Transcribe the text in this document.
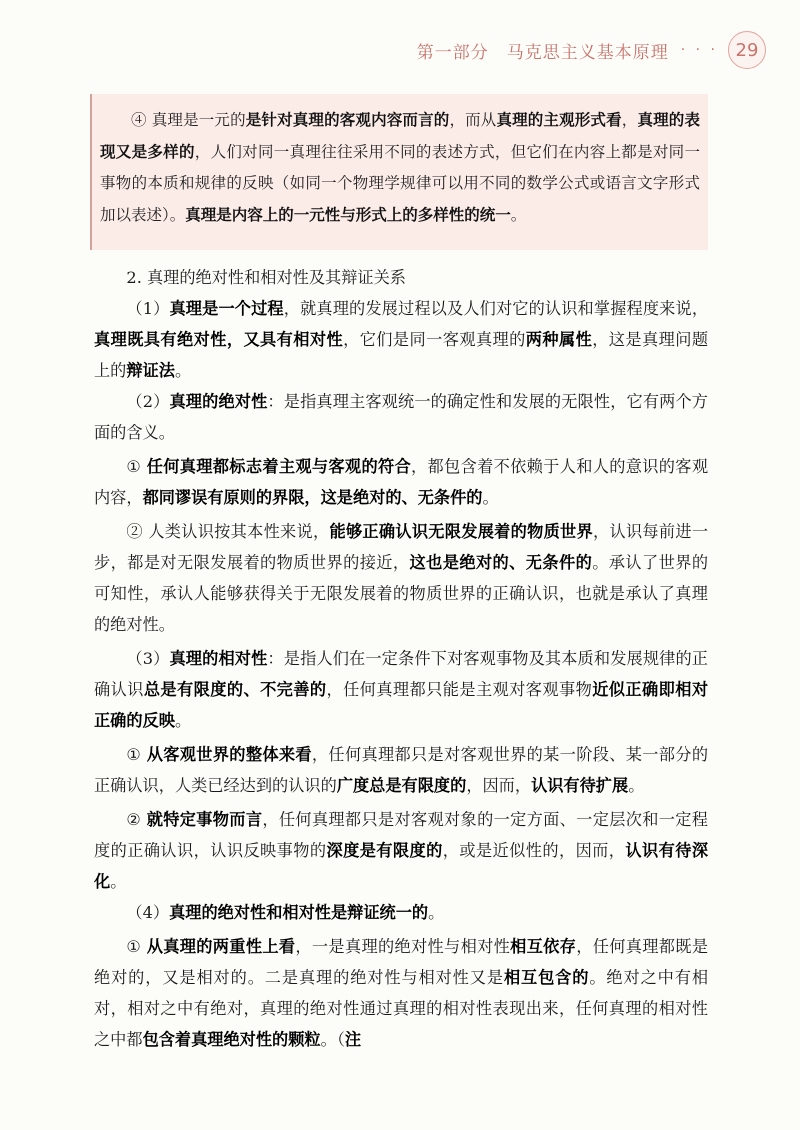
第一部分　马克思主义基本原理 · · · 29

④ 真理是一元的是针对真理的客观内容而言的，而从真理的主观形式看，真理的表现又是多样的，人们对同一真理往往采用不同的表述方式，但它们在内容上都是对同一事物的本质和规律的反映（如同一个物理学规律可以用不同的数学公式或语言文字形式加以表述）。真理是内容上的一元性与形式上的多样性的统一。

2. 真理的绝对性和相对性及其辩证关系

（1）真理是一个过程，就真理的发展过程以及人们对它的认识和掌握程度来说，真理既具有绝对性，又具有相对性，它们是同一客观真理的两种属性，这是真理问题上的辩证法。

（2）真理的绝对性：是指真理主客观统一的确定性和发展的无限性，它有两个方面的含义。

① 任何真理都标志着主观与客观的符合，都包含着不依赖于人和人的意识的客观内容，都同谬误有原则的界限，这是绝对的、无条件的。

② 人类认识按其本性来说，能够正确认识无限发展着的物质世界，认识每前进一步，都是对无限发展着的物质世界的接近，这也是绝对的、无条件的。承认了世界的可知性，承认人能够获得关于无限发展着的物质世界的正确认识，也就是承认了真理的绝对性。

（3）真理的相对性：是指人们在一定条件下对客观事物及其本质和发展规律的正确认识总是有限度的、不完善的，任何真理都只能是主观对客观事物近似正确即相对正确的反映。

① 从客观世界的整体来看，任何真理都只是对客观世界的某一阶段、某一部分的正确认识，人类已经达到的认识的广度总是有限度的，因而，认识有待扩展。

② 就特定事物而言，任何真理都只是对客观对象的一定方面、一定层次和一定程度的正确认识，认识反映事物的深度是有限度的，或是近似性的，因而，认识有待深化。

（4）真理的绝对性和相对性是辩证统一的。

① 从真理的两重性上看，一是真理的绝对性与相对性相互依存，任何真理都既是绝对的，又是相对的。二是真理的绝对性与相对性又是相互包含的。绝对之中有相对，相对之中有绝对，真理的绝对性通过真理的相对性表现出来，任何真理的相对性之中都包含着真理绝对性的颗粒。（注
